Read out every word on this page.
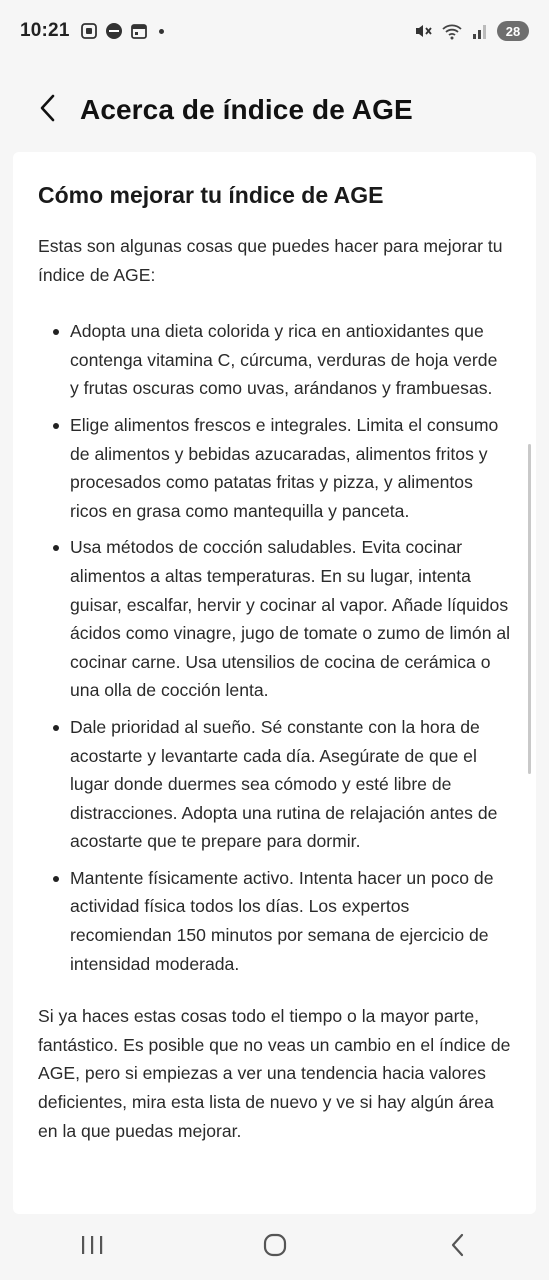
10:21	28
Acerca de índice de AGE
Cómo mejorar tu índice de AGE

Estas son algunas cosas que puedes hacer para mejorar tu índice de AGE:

Adopta una dieta colorida y rica en antioxidantes que contenga vitamina C, cúrcuma, verduras de hoja verde y frutas oscuras como uvas, arándanos y frambuesas.
Elige alimentos frescos e integrales. Limita el consumo de alimentos y bebidas azucaradas, alimentos fritos y procesados como patatas fritas y pizza, y alimentos ricos en grasa como mantequilla y panceta.
Usa métodos de cocción saludables. Evita cocinar alimentos a altas temperaturas. En su lugar, intenta guisar, escalfar, hervir y cocinar al vapor. Añade líquidos ácidos como vinagre, jugo de tomate o zumo de limón al cocinar carne. Usa utensilios de cocina de cerámica o una olla de cocción lenta.
Dale prioridad al sueño. Sé constante con la hora de acostarte y levantarte cada día. Asegúrate de que el lugar donde duermes sea cómodo y esté libre de distracciones. Adopta una rutina de relajación antes de acostarte que te prepare para dormir.
Mantente físicamente activo. Intenta hacer un poco de actividad física todos los días. Los expertos recomiendan 150 minutos por semana de ejercicio de intensidad moderada.

Si ya haces estas cosas todo el tiempo o la mayor parte, fantástico. Es posible que no veas un cambio en el índice de AGE, pero si empiezas a ver una tendencia hacia valores deficientes, mira esta lista de nuevo y ve si hay algún área en la que puedas mejorar.
